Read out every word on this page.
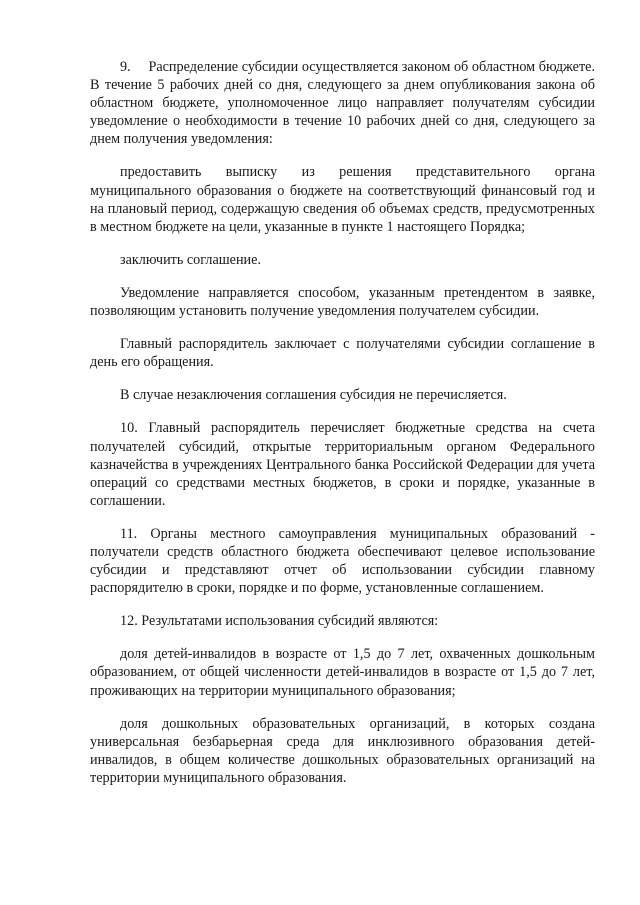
9.  Распределение субсидии осуществляется законом об областном бюджете. В течение 5 рабочих дней со дня, следующего за днем опубликования закона об областном бюджете, уполномоченное лицо направляет получателям субсидии уведомление о необходимости в течение 10 рабочих дней со дня, следующего за днем получения уведомления:

предоставить выписку из решения представительного органа муниципального образования о бюджете на соответствующий финансовый год и на плановый период, содержащую сведения об объемах средств, предусмотренных в местном бюджете на цели, указанные в пункте 1 настоящего Порядка;

заключить соглашение.

Уведомление направляется способом, указанным претендентом в заявке, позволяющим установить получение уведомления получателем субсидии.

Главный распорядитель заключает с получателями субсидии соглашение в день его обращения.

В случае незаключения соглашения субсидия не перечисляется.

10. Главный распорядитель перечисляет бюджетные средства на счета получателей субсидий, открытые территориальным органом Федерального казначейства в учреждениях Центрального банка Российской Федерации для учета операций со средствами местных бюджетов, в сроки и порядке, указанные в соглашении.

11. Органы местного самоуправления муниципальных образований - получатели средств областного бюджета обеспечивают целевое использование субсидии и представляют отчет об использовании субсидии главному распорядителю в сроки, порядке и по форме, установленные соглашением.

12. Результатами использования субсидий являются:

доля детей-инвалидов в возрасте от 1,5 до 7 лет, охваченных дошкольным образованием, от общей численности детей-инвалидов в возрасте от 1,5 до 7 лет, проживающих на территории муниципального образования;

доля дошкольных образовательных организаций, в которых создана универсальная безбарьерная среда для инклюзивного образования детей-инвалидов, в общем количестве дошкольных образовательных организаций на территории муниципального образования.
